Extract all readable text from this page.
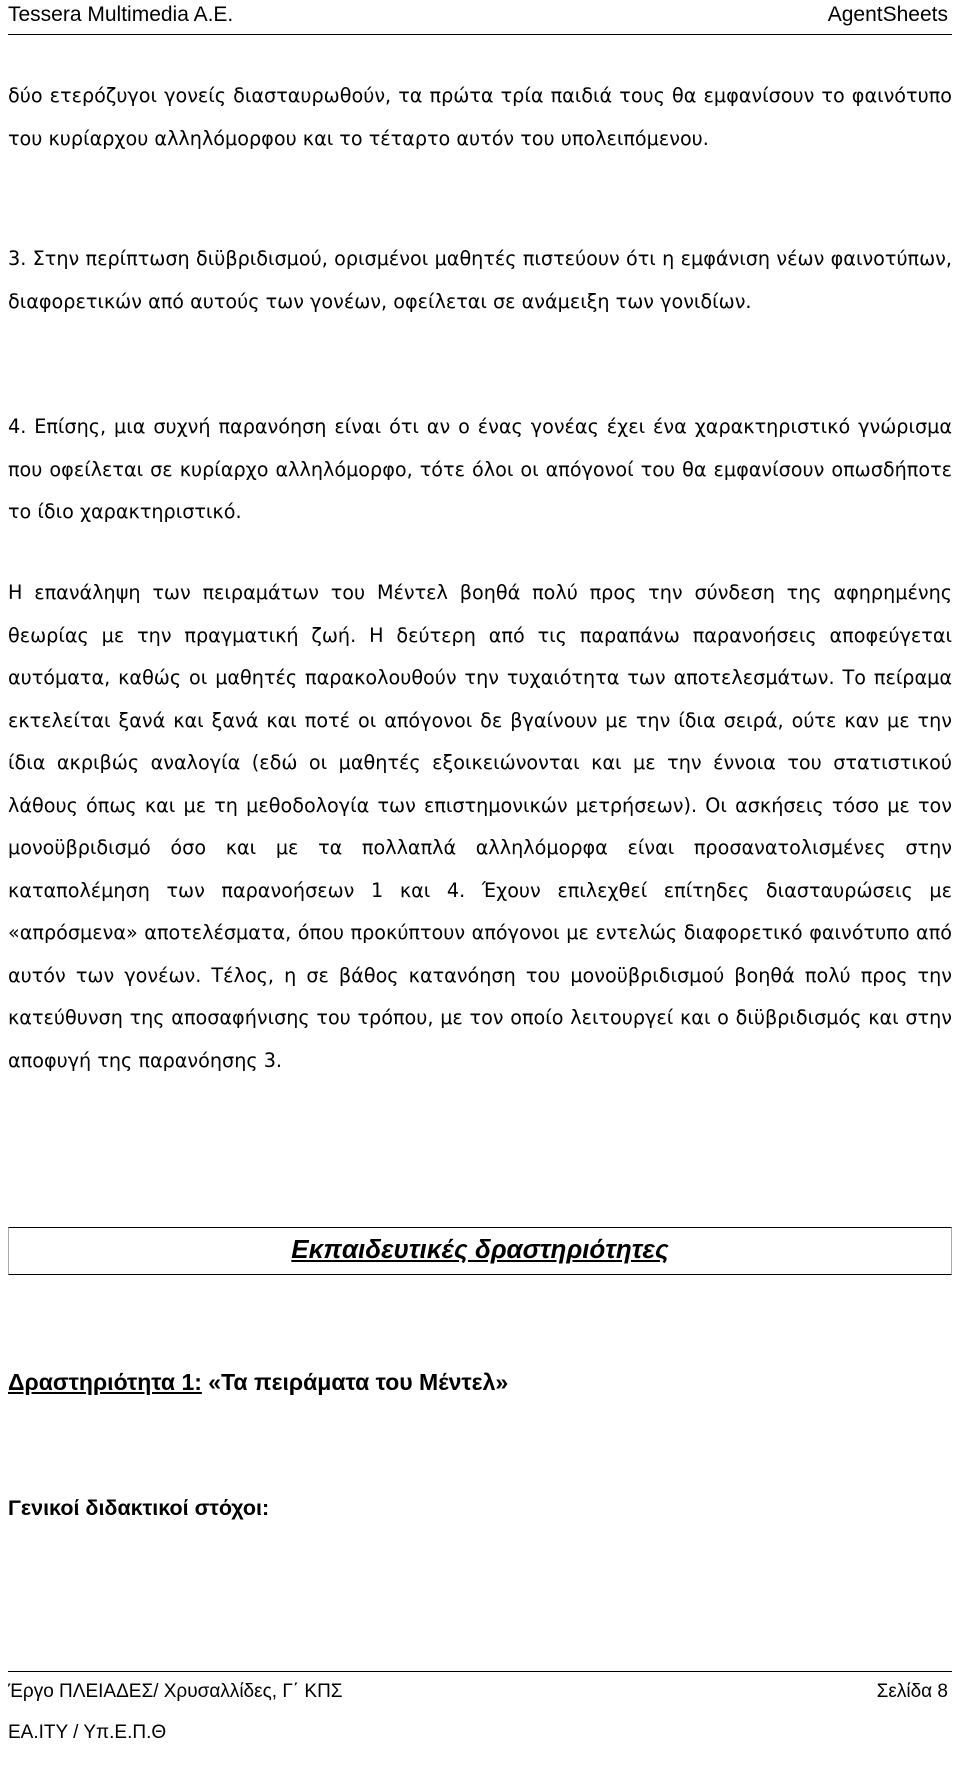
Tessera Multimedia A.E.	AgentSheets
δύο ετερόζυγοι γονείς διασταυρωθούν, τα πρώτα τρία παιδιά τους θα εμφανίσουν το φαινότυπο του κυρίαρχου αλληλόμορφου και το τέταρτο αυτόν του υπολειπόμενου.
3. Στην περίπτωση διϋβριδισμού, ορισμένοι μαθητές πιστεύουν ότι η εμφάνιση νέων φαινοτύπων, διαφορετικών από αυτούς των γονέων, οφείλεται σε ανάμειξη των γονιδίων.
4. Επίσης, μια συχνή παρανόηση είναι ότι αν ο ένας γονέας έχει ένα χαρακτηριστικό γνώρισμα που οφείλεται σε κυρίαρχο αλληλόμορφο, τότε όλοι οι απόγονοί του θα εμφανίσουν οπωσδήποτε το ίδιο χαρακτηριστικό.
Η επανάληψη των πειραμάτων του Μέντελ βοηθά πολύ προς την σύνδεση της αφηρημένης θεωρίας με την πραγματική ζωή. Η δεύτερη από τις παραπάνω παρανοήσεις αποφεύγεται αυτόματα, καθώς οι μαθητές παρακολουθούν την τυχαιότητα των αποτελεσμάτων. Το πείραμα εκτελείται ξανά και ξανά και ποτέ οι απόγονοι δε βγαίνουν με την ίδια σειρά, ούτε καν με την ίδια ακριβώς αναλογία (εδώ οι μαθητές εξοικειώνονται και με την έννοια του στατιστικού λάθους όπως και με τη μεθοδολογία των επιστημονικών μετρήσεων). Οι ασκήσεις τόσο με τον μονοϋβριδισμό όσο και με τα πολλαπλά αλληλόμορφα είναι προσανατολισμένες στην καταπολέμηση των παρανοήσεων 1 και 4. Έχουν επιλεχθεί επίτηδες διασταυρώσεις με «απρόσμενα» αποτελέσματα, όπου προκύπτουν απόγονοι με εντελώς διαφορετικό φαινότυπο από αυτόν των γονέων. Τέλος, η σε βάθος κατανόηση του μονοϋβριδισμού βοηθά πολύ προς την κατεύθυνση της αποσαφήνισης του τρόπου, με τον οποίο λειτουργεί και ο διϋβριδισμός και στην αποφυγή της παρανόησης 3.
Εκπαιδευτικές δραστηριότητες
Δραστηριότητα 1: «Τα πειράματα του Μέντελ»
Γενικοί διδακτικοί στόχοι:
Έργο ΠΛΕΙΑΔΕΣ/ Χρυσαλλίδες, Γ΄ ΚΠΣ	Σελίδα 8
ΕΑ.ΙΤΥ / Υπ.Ε.Π.Θ
